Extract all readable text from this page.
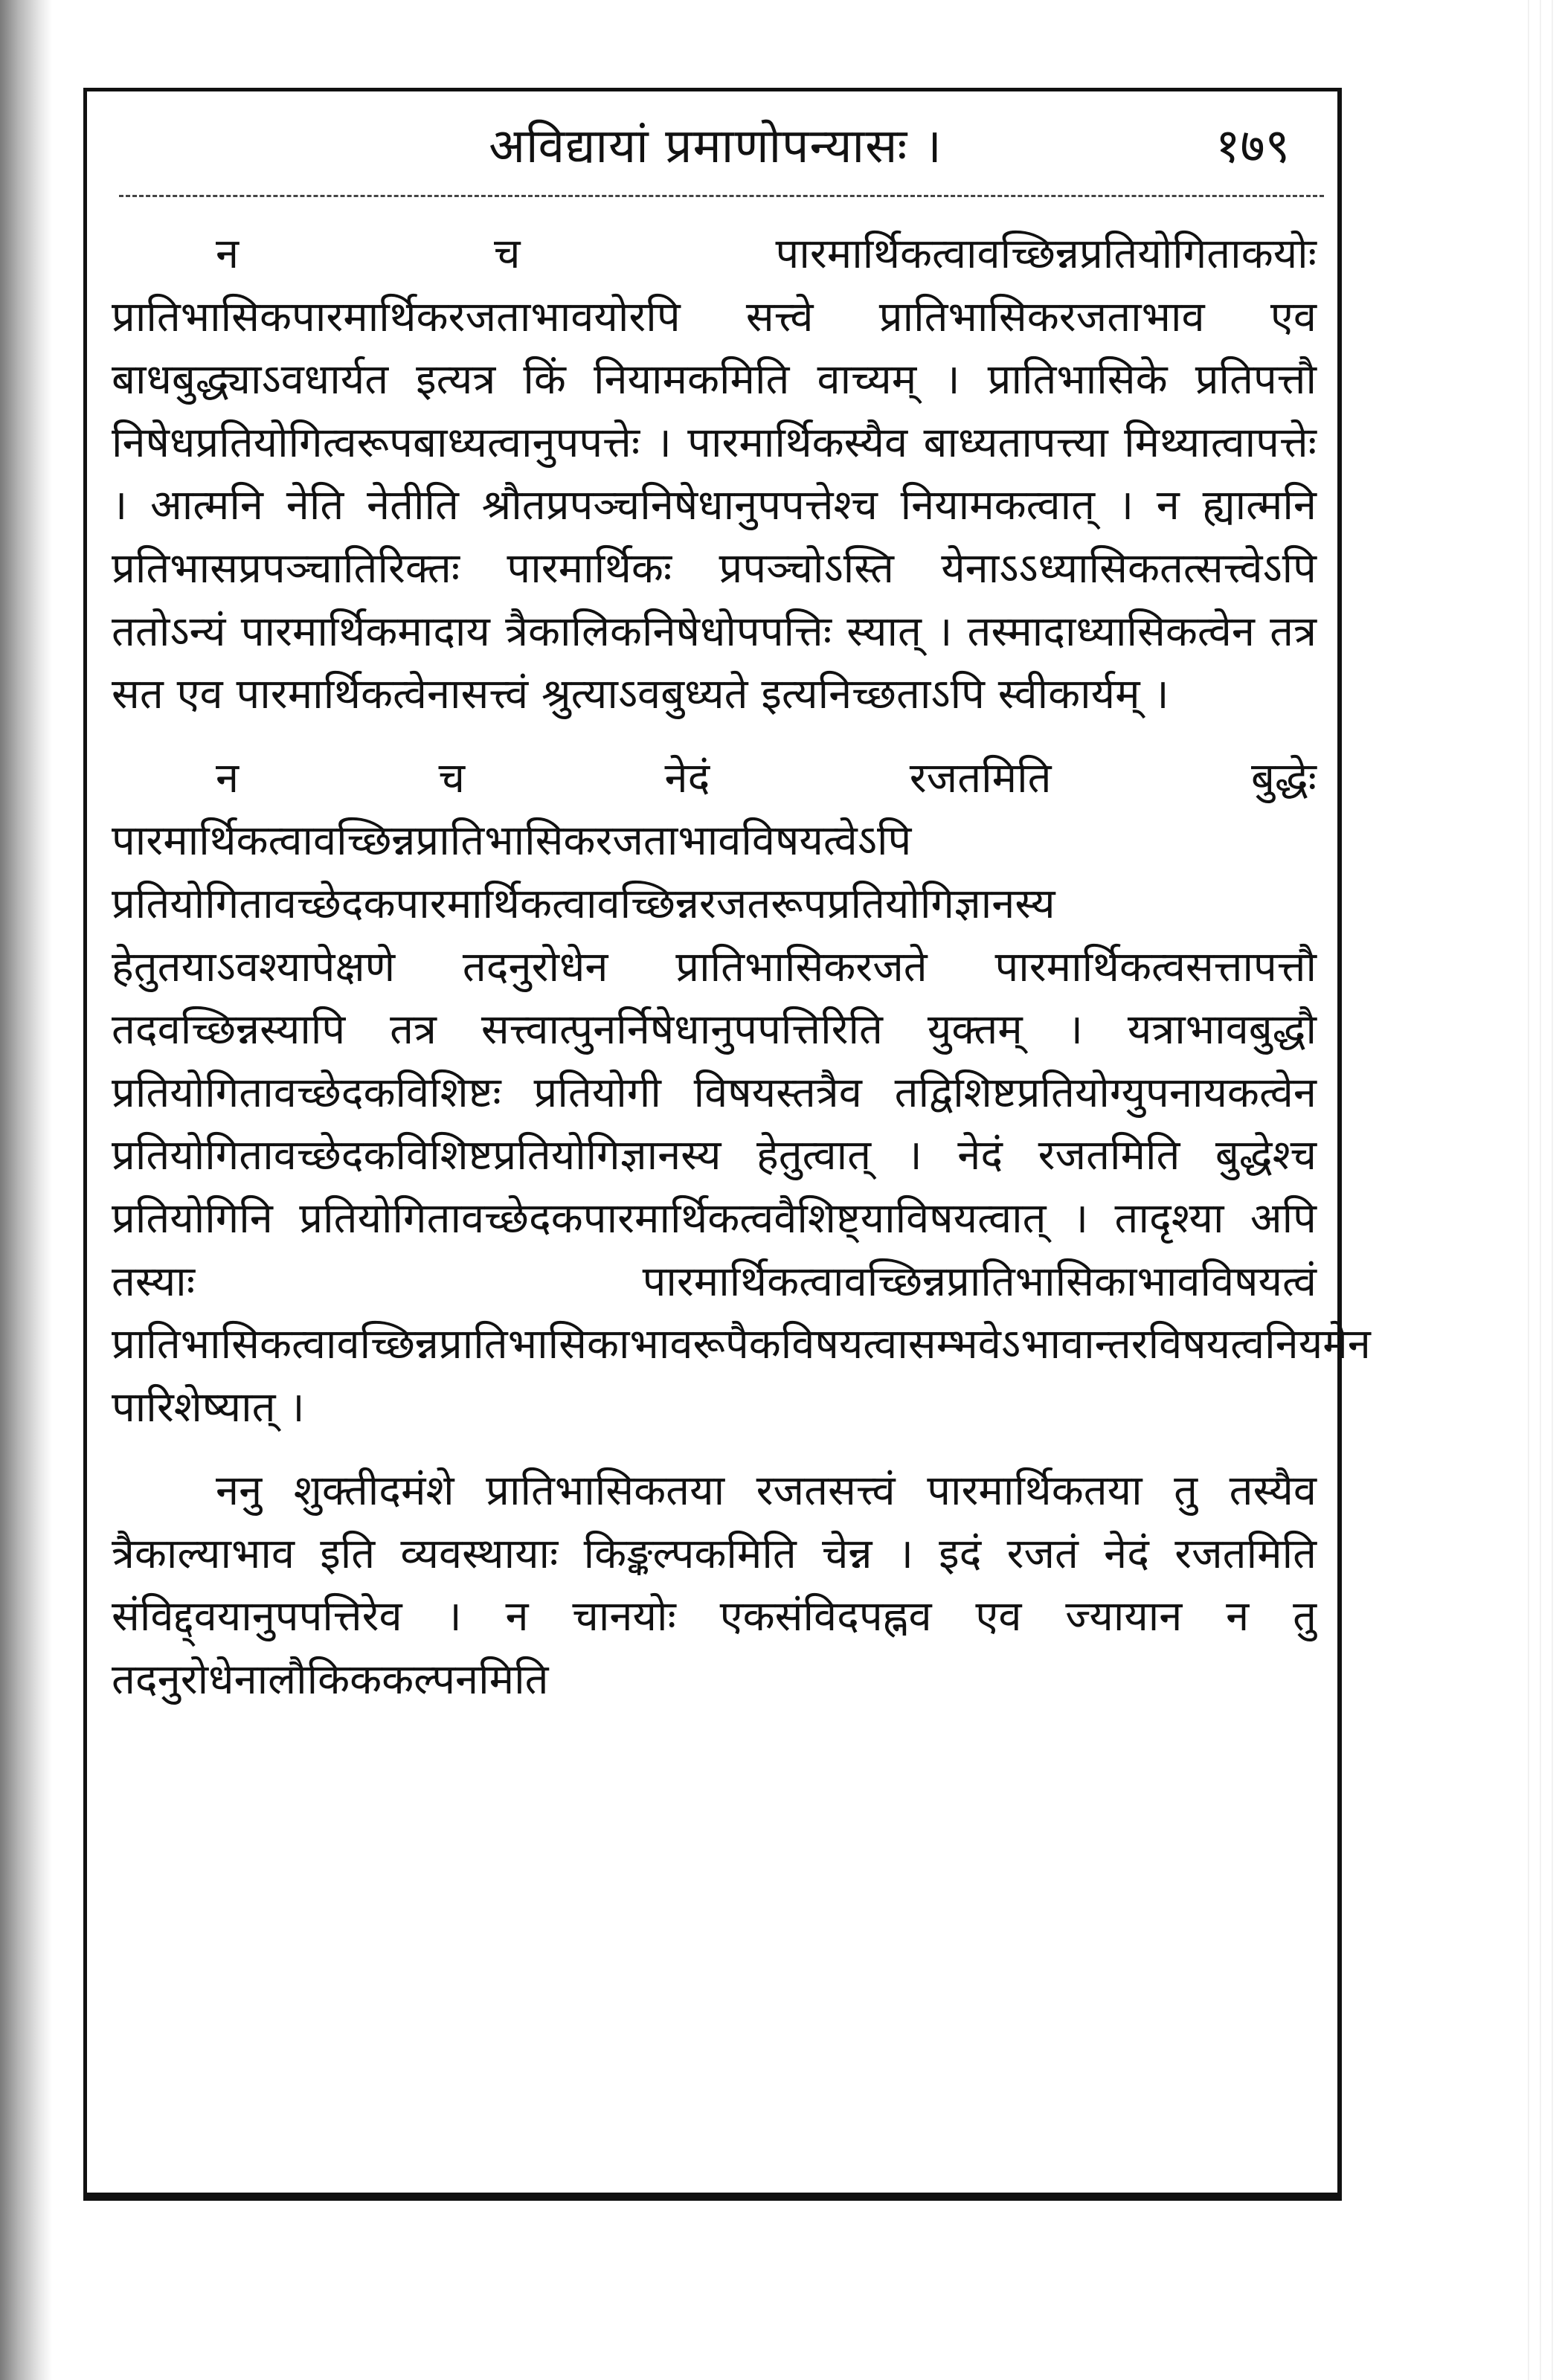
अविद्यायां प्रमाणोपन्यासः ।	१७९

न च पारमार्थिकत्वावच्छिन्नप्रतियोगिताकयोः प्रातिभासिकपारमार्थिकरजताभावयोरपि सत्त्वे प्रातिभासिकरजताभाव एव बाधबुद्ध्याऽवधार्यत इत्यत्र किं नियामकमिति वाच्यम् । प्रातिभासिके प्रतिपत्तौ निषेधप्रतियोगित्वरूपबाध्यत्वानुपपत्तेः । पारमार्थिकस्यैव बाध्यतापत्त्या मिथ्यात्वापत्तेः । आत्मनि नेति नेतीति श्रौतप्रपञ्चनिषेधानुपपत्तेश्च नियामकत्वात् । न ह्यात्मनि प्रतिभासप्रपञ्चातिरिक्तः पारमार्थिकः प्रपञ्चोऽस्ति येनाऽऽध्यासिकतत्सत्त्वेऽपि ततोऽन्यं पारमार्थिकमादाय त्रैकालिकनिषेधोपपत्तिः स्यात् । तस्मादाध्यासिकत्वेन तत्र सत एव पारमार्थिकत्वेनासत्त्वं श्रुत्याऽवबुध्यते इत्यनिच्छताऽपि स्वीकार्यम् ।

न च नेदं रजतमिति बुद्धेः पारमार्थिकत्वावच्छिन्नप्रातिभासिकरजताभावविषयत्वेऽपि प्रतियोगितावच्छेदकपारमार्थिकत्वावच्छिन्नरजतरूपप्रतियोगिज्ञानस्य हेतुतयाऽवश्यापेक्षणे तदनुरोधेन प्रातिभासिकरजते पारमार्थिकत्वसत्तापत्तौ तदवच्छिन्नस्यापि तत्र सत्त्वात्पुनर्निषेधानुपपत्तिरिति युक्तम् । यत्राभावबुद्धौ प्रतियोगितावच्छेदकविशिष्टः प्रतियोगी विषयस्तत्रैव तद्विशिष्टप्रतियोग्युपनायकत्वेन प्रतियोगितावच्छेदकविशिष्टप्रतियोगिज्ञानस्य हेतुत्वात् । नेदं रजतमिति बुद्धेश्च प्रतियोगिनि प्रतियोगितावच्छेदकपारमार्थिकत्ववैशिष्ट्याविषयत्वात् । तादृश्या अपि तस्याः पारमार्थिकत्वावच्छिन्नप्रातिभासिकाभावविषयत्वं प्रातिभासिकत्वावच्छिन्नप्रातिभासिकाभावरूपैकविषयत्वासम्भवेऽभावान्तरविषयत्वनियमेन पारिशेष्यात् ।

ननु शुक्तीदमंशे प्रातिभासिकतया रजतसत्त्वं पारमार्थिकतया तु तस्यैव त्रैकाल्याभाव इति व्यवस्थायाः किङ्कल्पकमिति चेन्न । इदं रजतं नेदं रजतमिति संविद्द्वयानुपपत्तिरेव । न चानयोः एकसंविदपह्नव एव ज्यायान न तु तदनुरोधेनालौकिककल्पनमिति
